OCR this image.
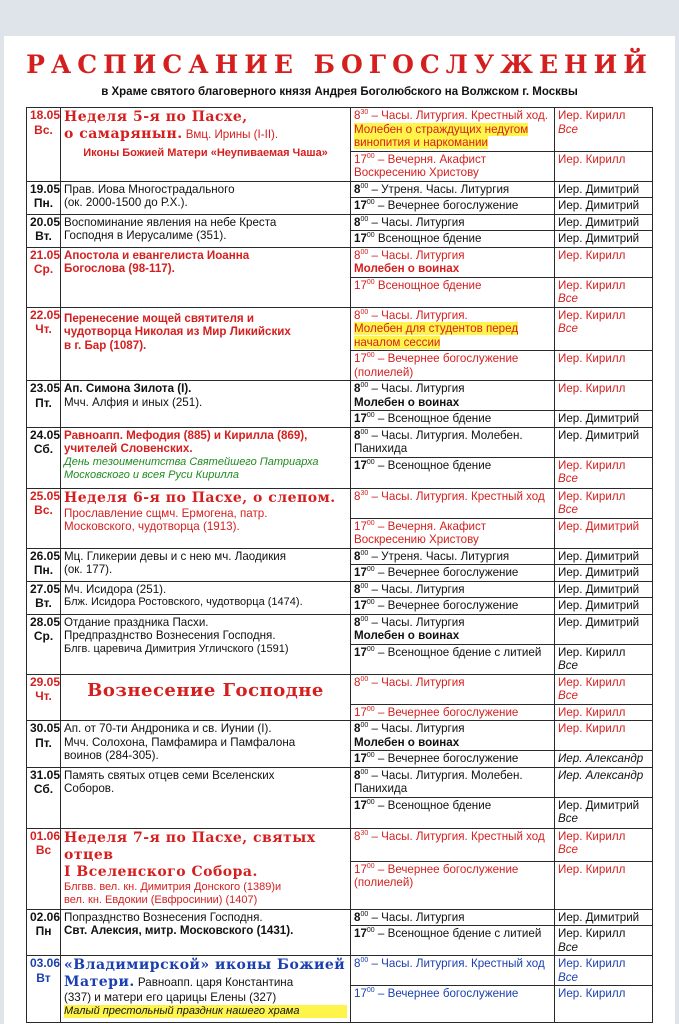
РАСПИСАНИЕ БОГОСЛУЖЕНИЙ
в Храме святого благоверного князя Андрея Боголюбского на Волжском г. Москвы
18.05
Вс.	Неделя 5-я по Пасхе,
о самарянын. Вмц. Ирины (I-II).
Иконы Божией Матери «Неупиваемая Чаша»	$8^{30}$ – Часы. Литургия. Крестный ход. Молебен о страждущих недугом винопития и наркомании	Иер. Кирилл
Все

		$17^{00}$ – Вечерня. Акафист Воскресению Христову	Иер. Кирилл

19.05
Пн.	Прав. Иова Многострадального
(ок. 2000-1500 до Р.Х.).	$8^{00}$ – Утреня. Часы. Литургия	Иер. Димитрий
		$17^{00}$ – Вечернее богослужение	Иер. Димитрий

20.05
Вт.	Воспоминание явления на небе Креста
Господня в Иерусалиме (351).	$8^{00}$ – Часы. Литургия	Иер. Димитрий
		$17^{00}$ Всенощное бдение	Иер. Димитрий

21.05
Ср.	Апостола и евангелиста Иоанна
Богослова (98-117).	$8^{00}$ – Часы. Литургия
Молебен о воинах	Иер. Кирилл
		$17^{00}$ Всенощное бдение	Иер. Кирилл
Все

22.05
Чт.	Перенесение мощей святителя и
чудотворца Николая из Мир Ликийских
в г. Бар (1087).	$8^{00}$ – Часы. Литургия.
Молебен для студентов перед началом сессии	Иер. Кирилл
Все

		$17^{00}$ – Вечернее богослужение (полиелей)	Иер. Кирилл

23.05
Пт.	Ап. Симона Зилота (I).
Мчч. Алфия и иных (251).	$8^{00}$ – Часы. Литургия
Молебен о воинах	Иер. Кирилл
		$17^{00}$ – Всенощное бдение	Иер. Димитрий

24.05
Сб.	Равноапп. Мефодия (885) и Кирилла (869),
учителей Словенских.
День тезоименитства Святейшего Патриарха Московского и всея Руси Кирилла	$8^{00}$ – Часы. Литургия. Молебен. Панихида	Иер. Димитрий
		$17^{00}$ – Всенощное бдение	Иер. Кирилл
Все

25.05
Вс.	Неделя 6-я по Пасхе, о слепом.
Прославление сщмч. Ермогена, патр.
Московского, чудотворца (1913).	$8^{30}$ – Часы. Литургия. Крестный ход	Иер. Кирилл
Все

		$17^{00}$ – Вечерня. Акафист Воскресению Христову	Иер. Димитрий

26.05
Пн.	Мц. Гликерии девы и с нею мч. Лаодикия
(ок. 177).	$8^{00}$ – Утреня. Часы. Литургия	Иер. Димитрий
		$17^{00}$ – Вечернее богослужение	Иер. Димитрий

27.05
Вт.	Мч. Исидора (251).
Блж. Исидора Ростовского, чудотворца (1474).	$8^{00}$ – Часы. Литургия	Иер. Димитрий
		$17^{00}$ – Вечернее богослужение	Иер. Димитрий

28.05
Ср.	Отдание праздника Пасхи.
Предпразднство Вознесения Господня.
Блгв. царевича Димитрия Угличского (1591)	$8^{00}$ – Часы. Литургия
Молебен о воинах	Иер. Димитрий
		$17^{00}$ – Всенощное бдение с литией	Иер. Кирилл
Все

29.05
Чт.	Вознесение Господне	$8^{00}$ – Часы. Литургия	Иер. Кирилл
Все

		$17^{00}$ – Вечернее богослужение	Иер. Кирилл

30.05
Пт.	Ап. от 70-ти Андроника и св. Иунии (I).
Мчч. Солохона, Памфамира и Памфалона
воинов (284-305).	$8^{00}$ – Часы. Литургия
Молебен о воинах	Иер. Кирилл
		$17^{00}$ – Вечернее богослужение	Иер. Александр

31.05
Сб.	Память святых отцев семи Вселенских
Соборов.	$8^{00}$ – Часы. Литургия. Молебен. Панихида	Иер. Александр
		$17^{00}$ – Всенощное бдение	Иер. Димитрий
Все

01.06
Вс	Неделя 7-я по Пасхе, святых отцев
I Вселенского Собора.
Блгвв. вел. кн. Димитрия Донского (1389)и
вел. кн. Евдокии (Евфросинии) (1407)	$8^{30}$ – Часы. Литургия. Крестный ход	Иер. Кирилл
Все

		$17^{00}$ – Вечернее богослужение (полиелей)	Иер. Кирилл

02.06
Пн	Попразднство Вознесения Господня.
Свт. Алексия, митр. Московского (1431).	$8^{00}$ – Часы. Литургия	Иер. Димитрий
		$17^{00}$ – Всенощное бдение с литией	Иер. Кирилл
Все

03.06
Вт	«Владимирской» иконы Божией
Матери. Равноапп. царя Константина
(337) и матери его царицы Елены (327)
Малый престольный праздник нашего храма	$8^{00}$ – Часы. Литургия. Крестный ход	Иер. Кирилл
Все

		$17^{00}$ – Вечернее богослужение	Иер. Кирилл
